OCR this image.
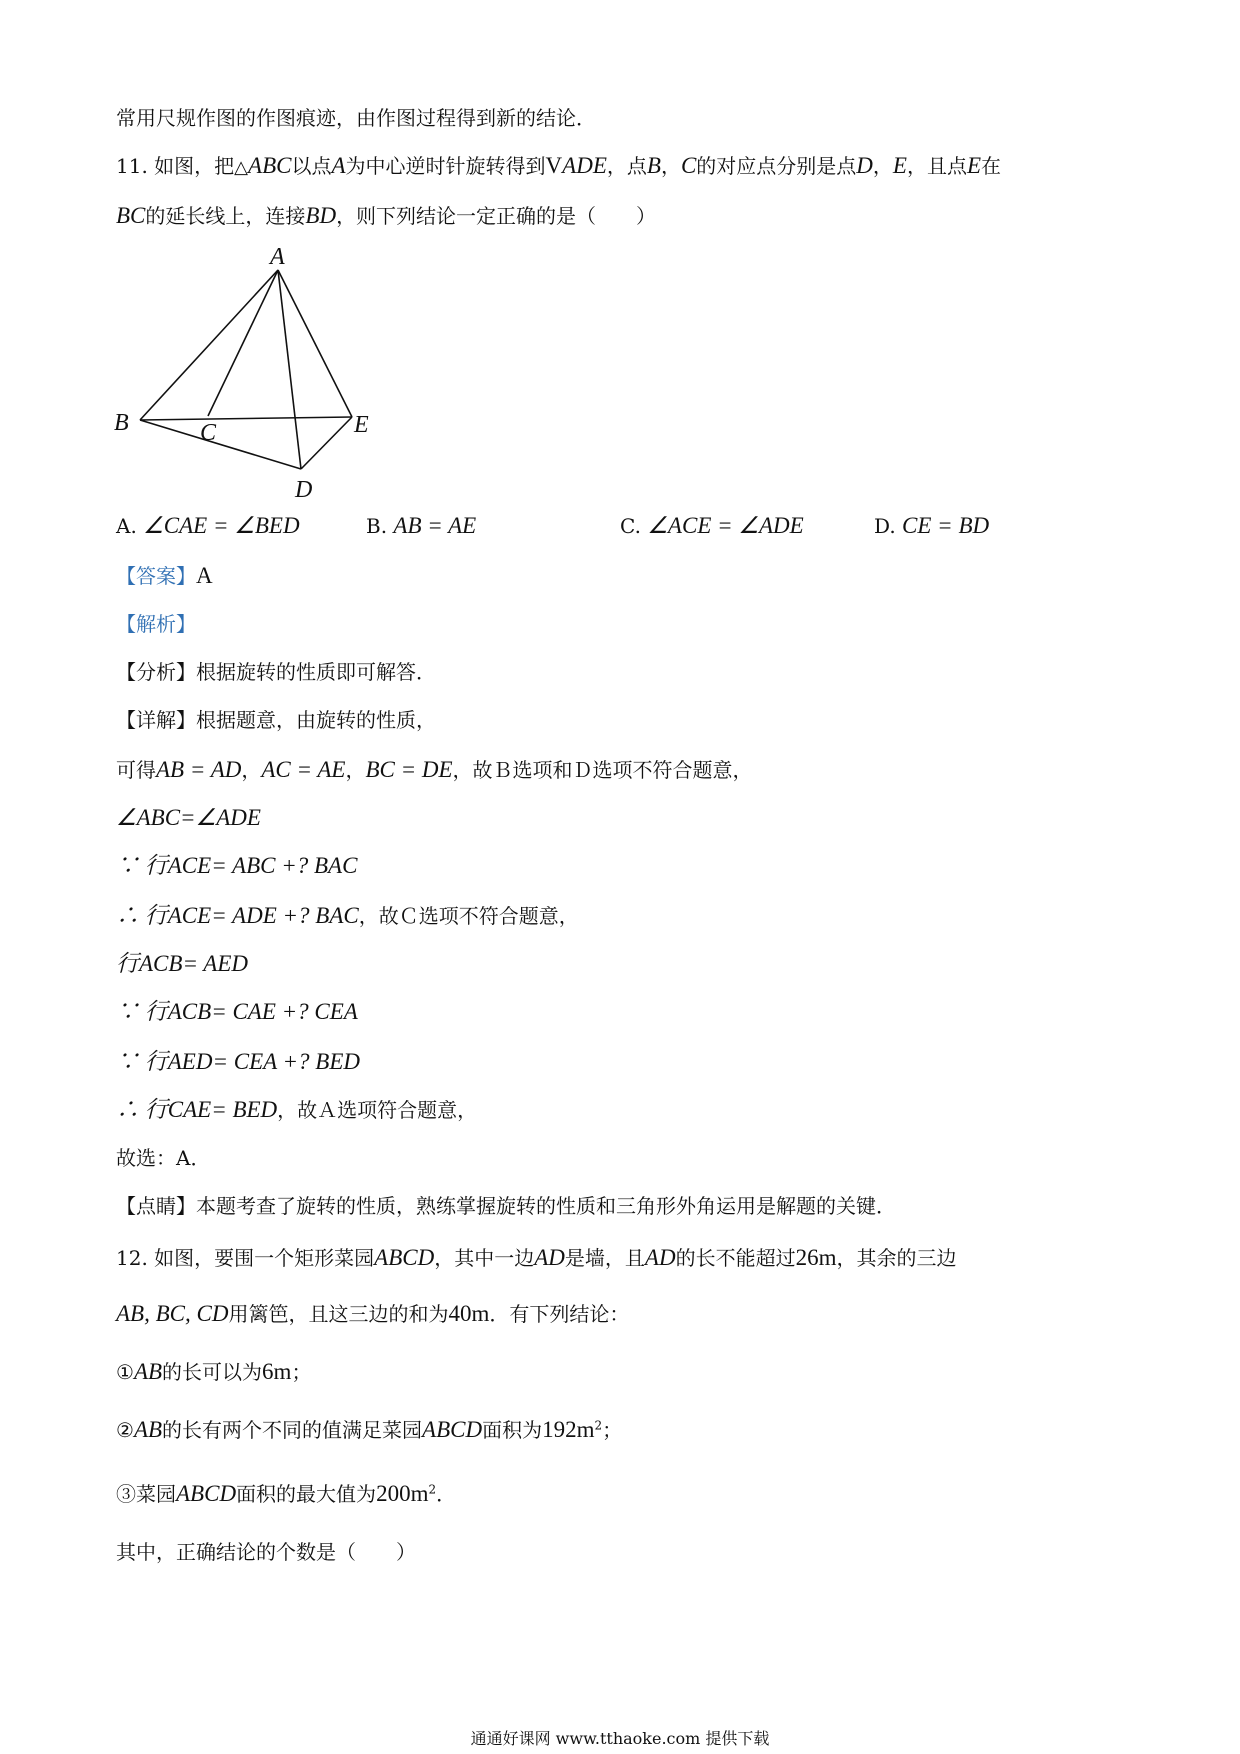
常用尺规作图的作图痕迹，由作图过程得到新的结论．
11. 如图，把△ABC以点A为中心逆时针旋转得到VADE，点B，C的对应点分别是点D，E，且点E在
BC的延长线上，连接BD，则下列结论一定正确的是（　　）
A
B	C	E
D
A. ∠CAE = ∠BED	B. AB = AE	C. ∠ACE = ∠ADE	D. CE = BD
【答案】A
【解析】
【分析】根据旋转的性质即可解答．
【详解】根据题意，由旋转的性质，
可得AB = AD，AC = AE，BC = DE，故Ｂ选项和Ｄ选项不符合题意，
∠ABC=∠ADE
∵ 行ACE= ABC +? BAC
∴ 行ACE= ADE +? BAC，故Ｃ选项不符合题意，
行ACB= AED
∵ 行ACB= CAE +? CEA
∵ 行AED= CEA +? BED
∴ 行CAE= BED，故Ａ选项符合题意，
故选：A．
【点睛】本题考查了旋转的性质，熟练掌握旋转的性质和三角形外角运用是解题的关键．
12. 如图，要围一个矩形菜园ABCD，其中一边AD是墙，且AD的长不能超过26m，其余的三边
AB, BC, CD用篱笆，且这三边的和为40m．有下列结论：
①AB的长可以为6m；
②AB的长有两个不同的值满足菜园ABCD面积为$192m^2$；
③菜园ABCD面积的最大值为$200m^2$．
其中，正确结论的个数是（　　）
通通好课网 www.tthaoke.com 提供下载
